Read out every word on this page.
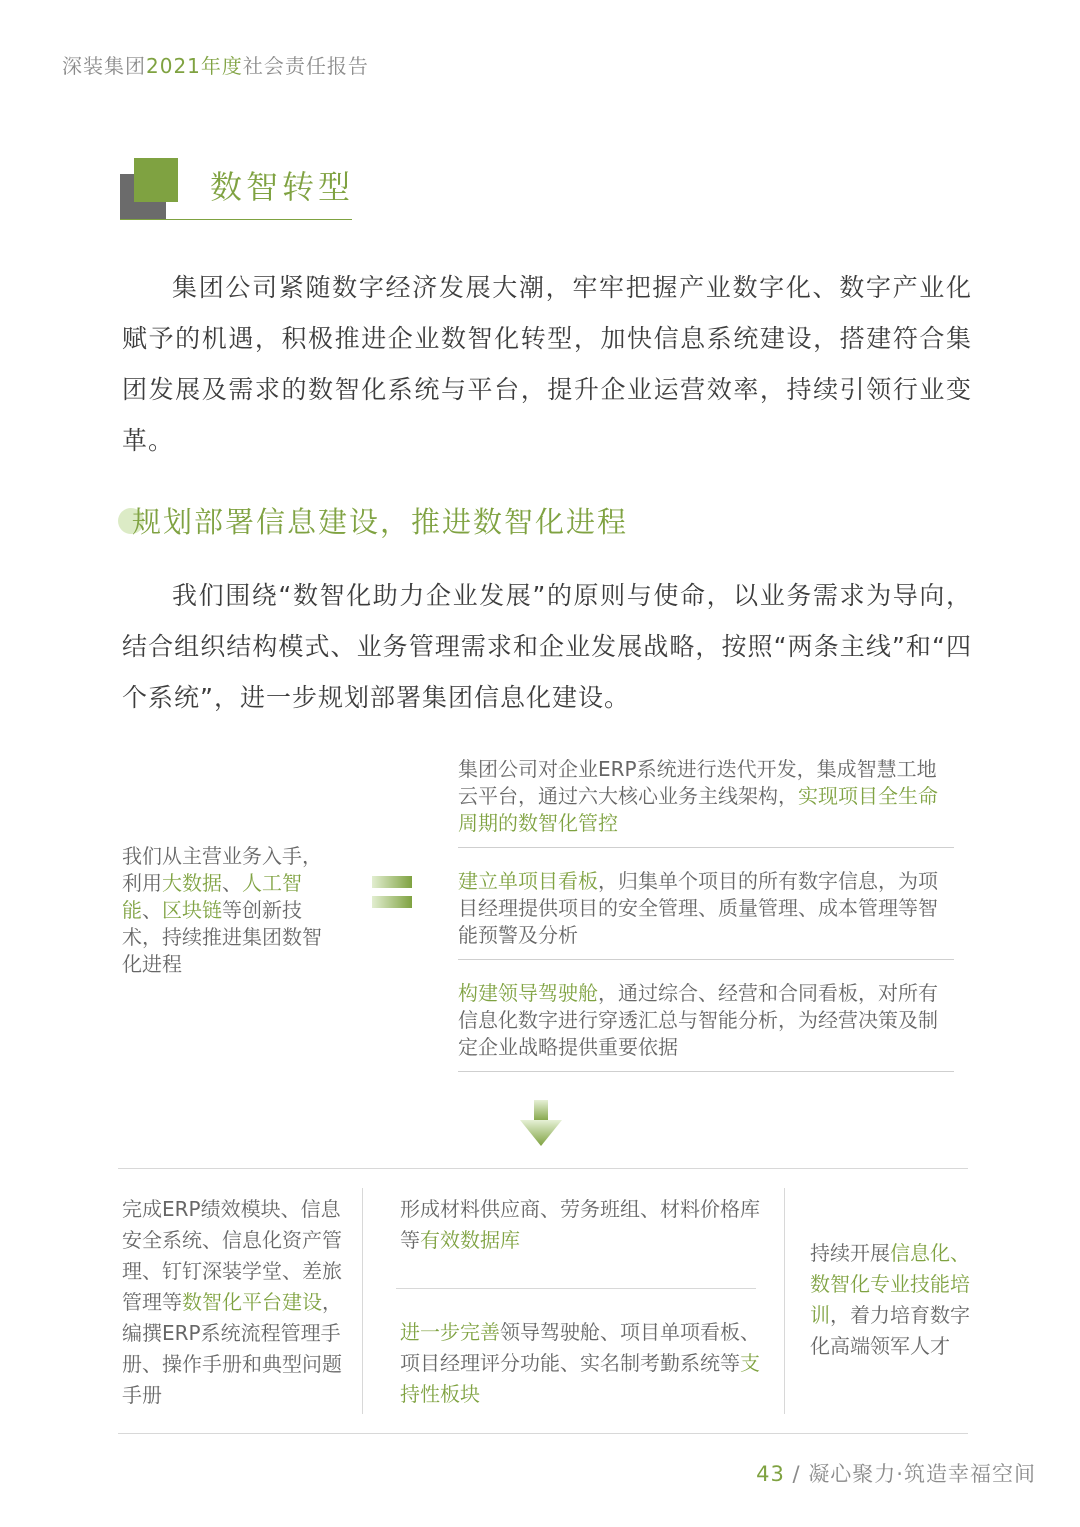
深装集团2021年度社会责任报告
数智转型

集团公司紧随数字经济发展大潮，牢牢把握产业数字化、数字产业化赋予的机遇，积极推进企业数智化转型，加快信息系统建设，搭建符合集团发展及需求的数智化系统与平台，提升企业运营效率，持续引领行业变革。

规划部署信息建设，推进数智化进程

我们围绕“数智化助力企业发展”的原则与使命，以业务需求为导向，结合组织结构模式、业务管理需求和企业发展战略，按照“两条主线”和“四个系统”，进一步规划部署集团信息化建设。

我们从主营业务入手，利用大数据、人工智能、区块链等创新技术，持续推进集团数智化进程
集团公司对企业ERP系统进行迭代开发，集成智慧工地云平台，通过六大核心业务主线架构，实现项目全生命周期的数智化管控
建立单项目看板，归集单个项目的所有数字信息，为项目经理提供项目的安全管理、质量管理、成本管理等智能预警及分析
构建领导驾驶舱，通过综合、经营和合同看板，对所有信息化数字进行穿透汇总与智能分析，为经营决策及制定企业战略提供重要依据

完成ERP绩效模块、信息安全系统、信息化资产管理、钉钉深装学堂、差旅管理等数智化平台建设，编撰ERP系统流程管理手册、操作手册和典型问题手册

形成材料供应商、劳务班组、材料价格库等有效数据库

进一步完善领导驾驶舱、项目单项看板、项目经理评分功能、实名制考勤系统等支持性板块

持续开展信息化、数智化专业技能培训，着力培育数字化高端领军人才

43 / 凝心聚力·筑造幸福空间
